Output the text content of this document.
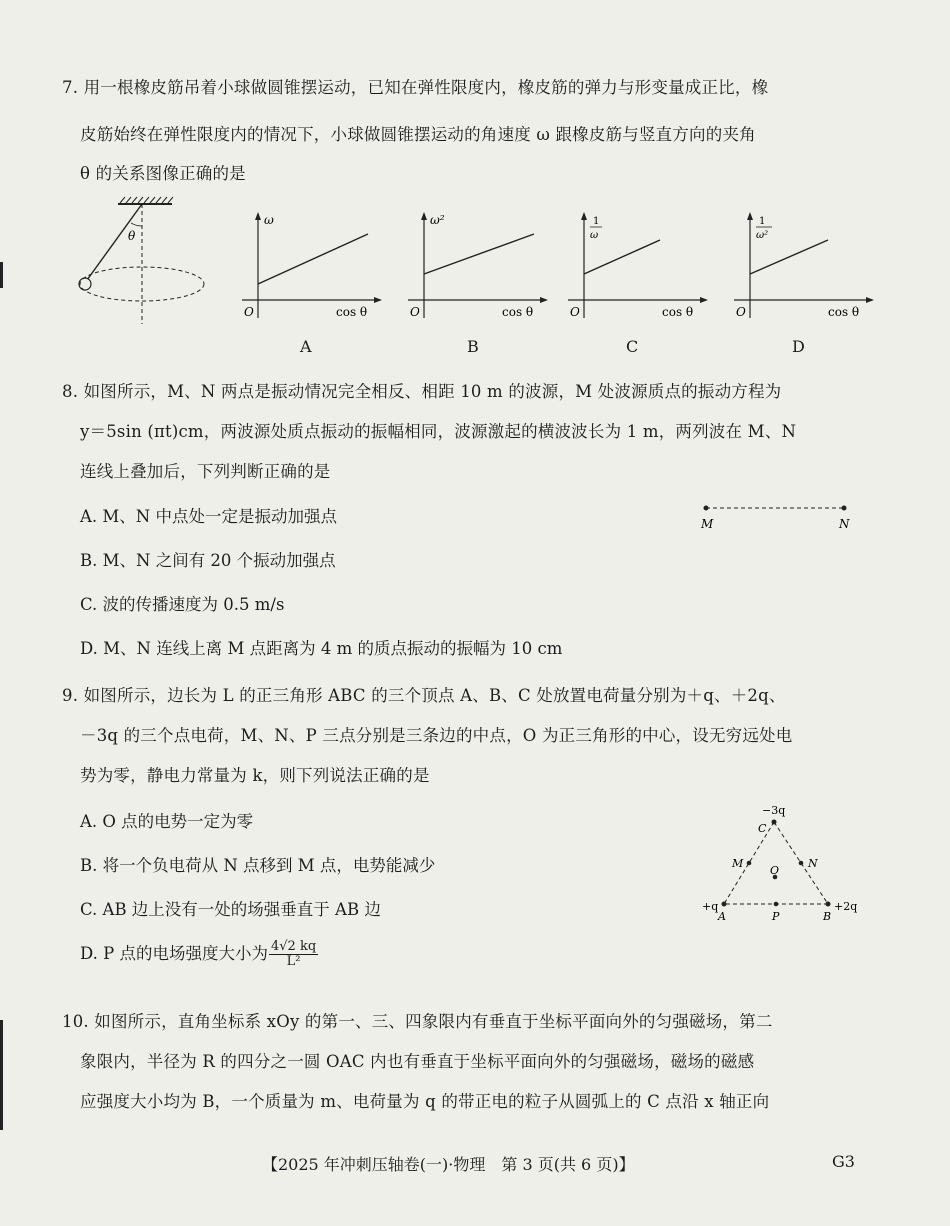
7. 用一根橡皮筋吊着小球做圆锥摆运动，已知在弹性限度内，橡皮筋的弹力与形变量成正比，橡
皮筋始终在弹性限度内的情况下，小球做圆锥摆运动的角速度 ω 跟橡皮筋与竖直方向的夹角
θ 的关系图像正确的是
θ
ω
O	cos θ
A
ω²
O	cos θ
B
1
ω
O	cos θ
C
1
ω²
O	cos θ
D
8. 如图所示，M、N 两点是振动情况完全相反、相距 10 m 的波源，M 处波源质点的振动方程为
y＝5sin (πt)cm，两波源处质点振动的振幅相同，波源激起的横波波长为 1 m，两列波在 M、N
连线上叠加后，下列判断正确的是
A. M、N 中点处一定是振动加强点
B. M、N 之间有 20 个振动加强点
C. 波的传播速度为 0.5 m/s
D. M、N 连线上离 M 点距离为 4 m 的质点振动的振幅为 10 cm
M	N
9. 如图所示，边长为 L 的正三角形 ABC 的三个顶点 A、B、C 处放置电荷量分别为＋q、＋2q、
－3q 的三个点电荷，M、N、P 三点分别是三条边的中点，O 为正三角形的中心，设无穷远处电
势为零，静电力常量为 k，则下列说法正确的是
A. O 点的电势一定为零
B. 将一个负电荷从 N 点移到 M 点，电势能减少
C. AB 边上没有一处的场强垂直于 AB 边
D. P 点的电场强度大小为 $\frac{4√2 kq}{\text{L²}}$
−3q
C
M	N
O
+q
A	P	B
+2q
10. 如图所示，直角坐标系 xOy 的第一、三、四象限内有垂直于坐标平面向外的匀强磁场，第二
象限内，半径为 R 的四分之一圆 OAC 内也有垂直于坐标平面向外的匀强磁场，磁场的磁感
应强度大小均为 B，一个质量为 m、电荷量为 q 的带正电的粒子从圆弧上的 C 点沿 x 轴正向
【2025 年冲刺压轴卷(一)·物理　第 3 页(共 6 页)】	G3
